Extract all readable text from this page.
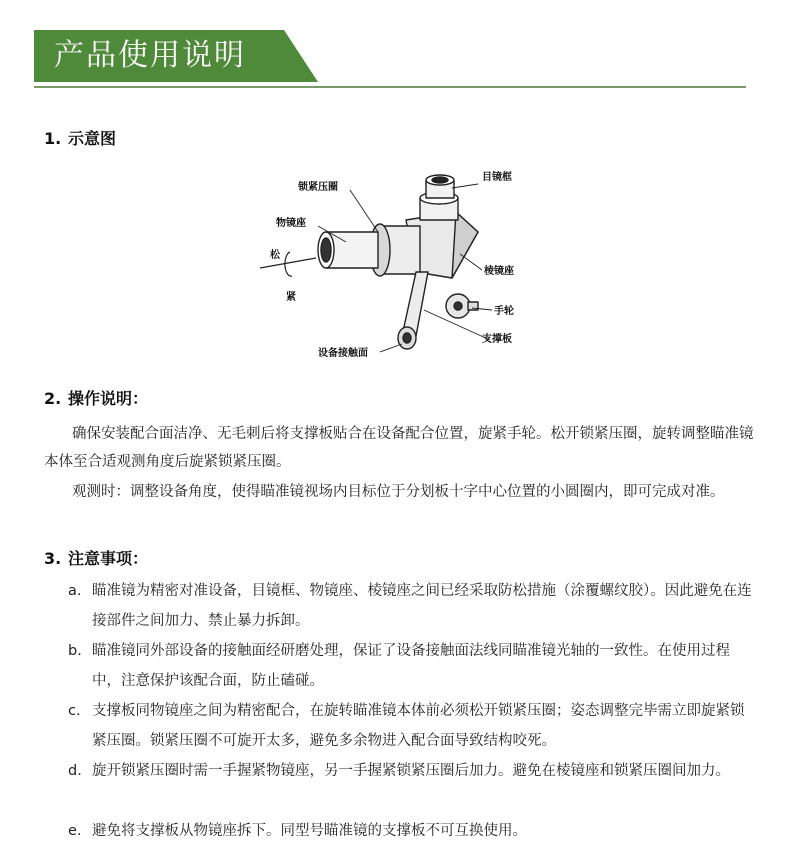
产品使用说明
1. 示意图
锁紧压圈
目镜框
物镜座
松
棱镜座
紧
手轮
支撑板
设备接触面
2. 操作说明：
确保安装配合面洁净、无毛刺后将支撑板贴合在设备配合位置，旋紧手轮。松开锁紧压圈，旋转调整瞄准镜本体至合适观测角度后旋紧锁紧压圈。
观测时：调整设备角度，使得瞄准镜视场内目标位于分划板十字中心位置的小圆圈内，即可完成对准。
3. 注意事项：
a. 瞄准镜为精密对准设备，目镜框、物镜座、棱镜座之间已经采取防松措施（涂覆螺纹胶）。因此避免在连接部件之间加力、禁止暴力拆卸。
b. 瞄准镜同外部设备的接触面经研磨处理，保证了设备接触面法线同瞄准镜光轴的一致性。在使用过程中，注意保护该配合面，防止磕碰。
c. 支撑板同物镜座之间为精密配合，在旋转瞄准镜本体前必须松开锁紧压圈；姿态调整完毕需立即旋紧锁紧压圈。锁紧压圈不可旋开太多，避免多余物进入配合面导致结构咬死。
d. 旋开锁紧压圈时需一手握紧物镜座，另一手握紧锁紧压圈后加力。避免在棱镜座和锁紧压圈间加力。
e. 避免将支撑板从物镜座拆下。同型号瞄准镜的支撑板不可互换使用。
